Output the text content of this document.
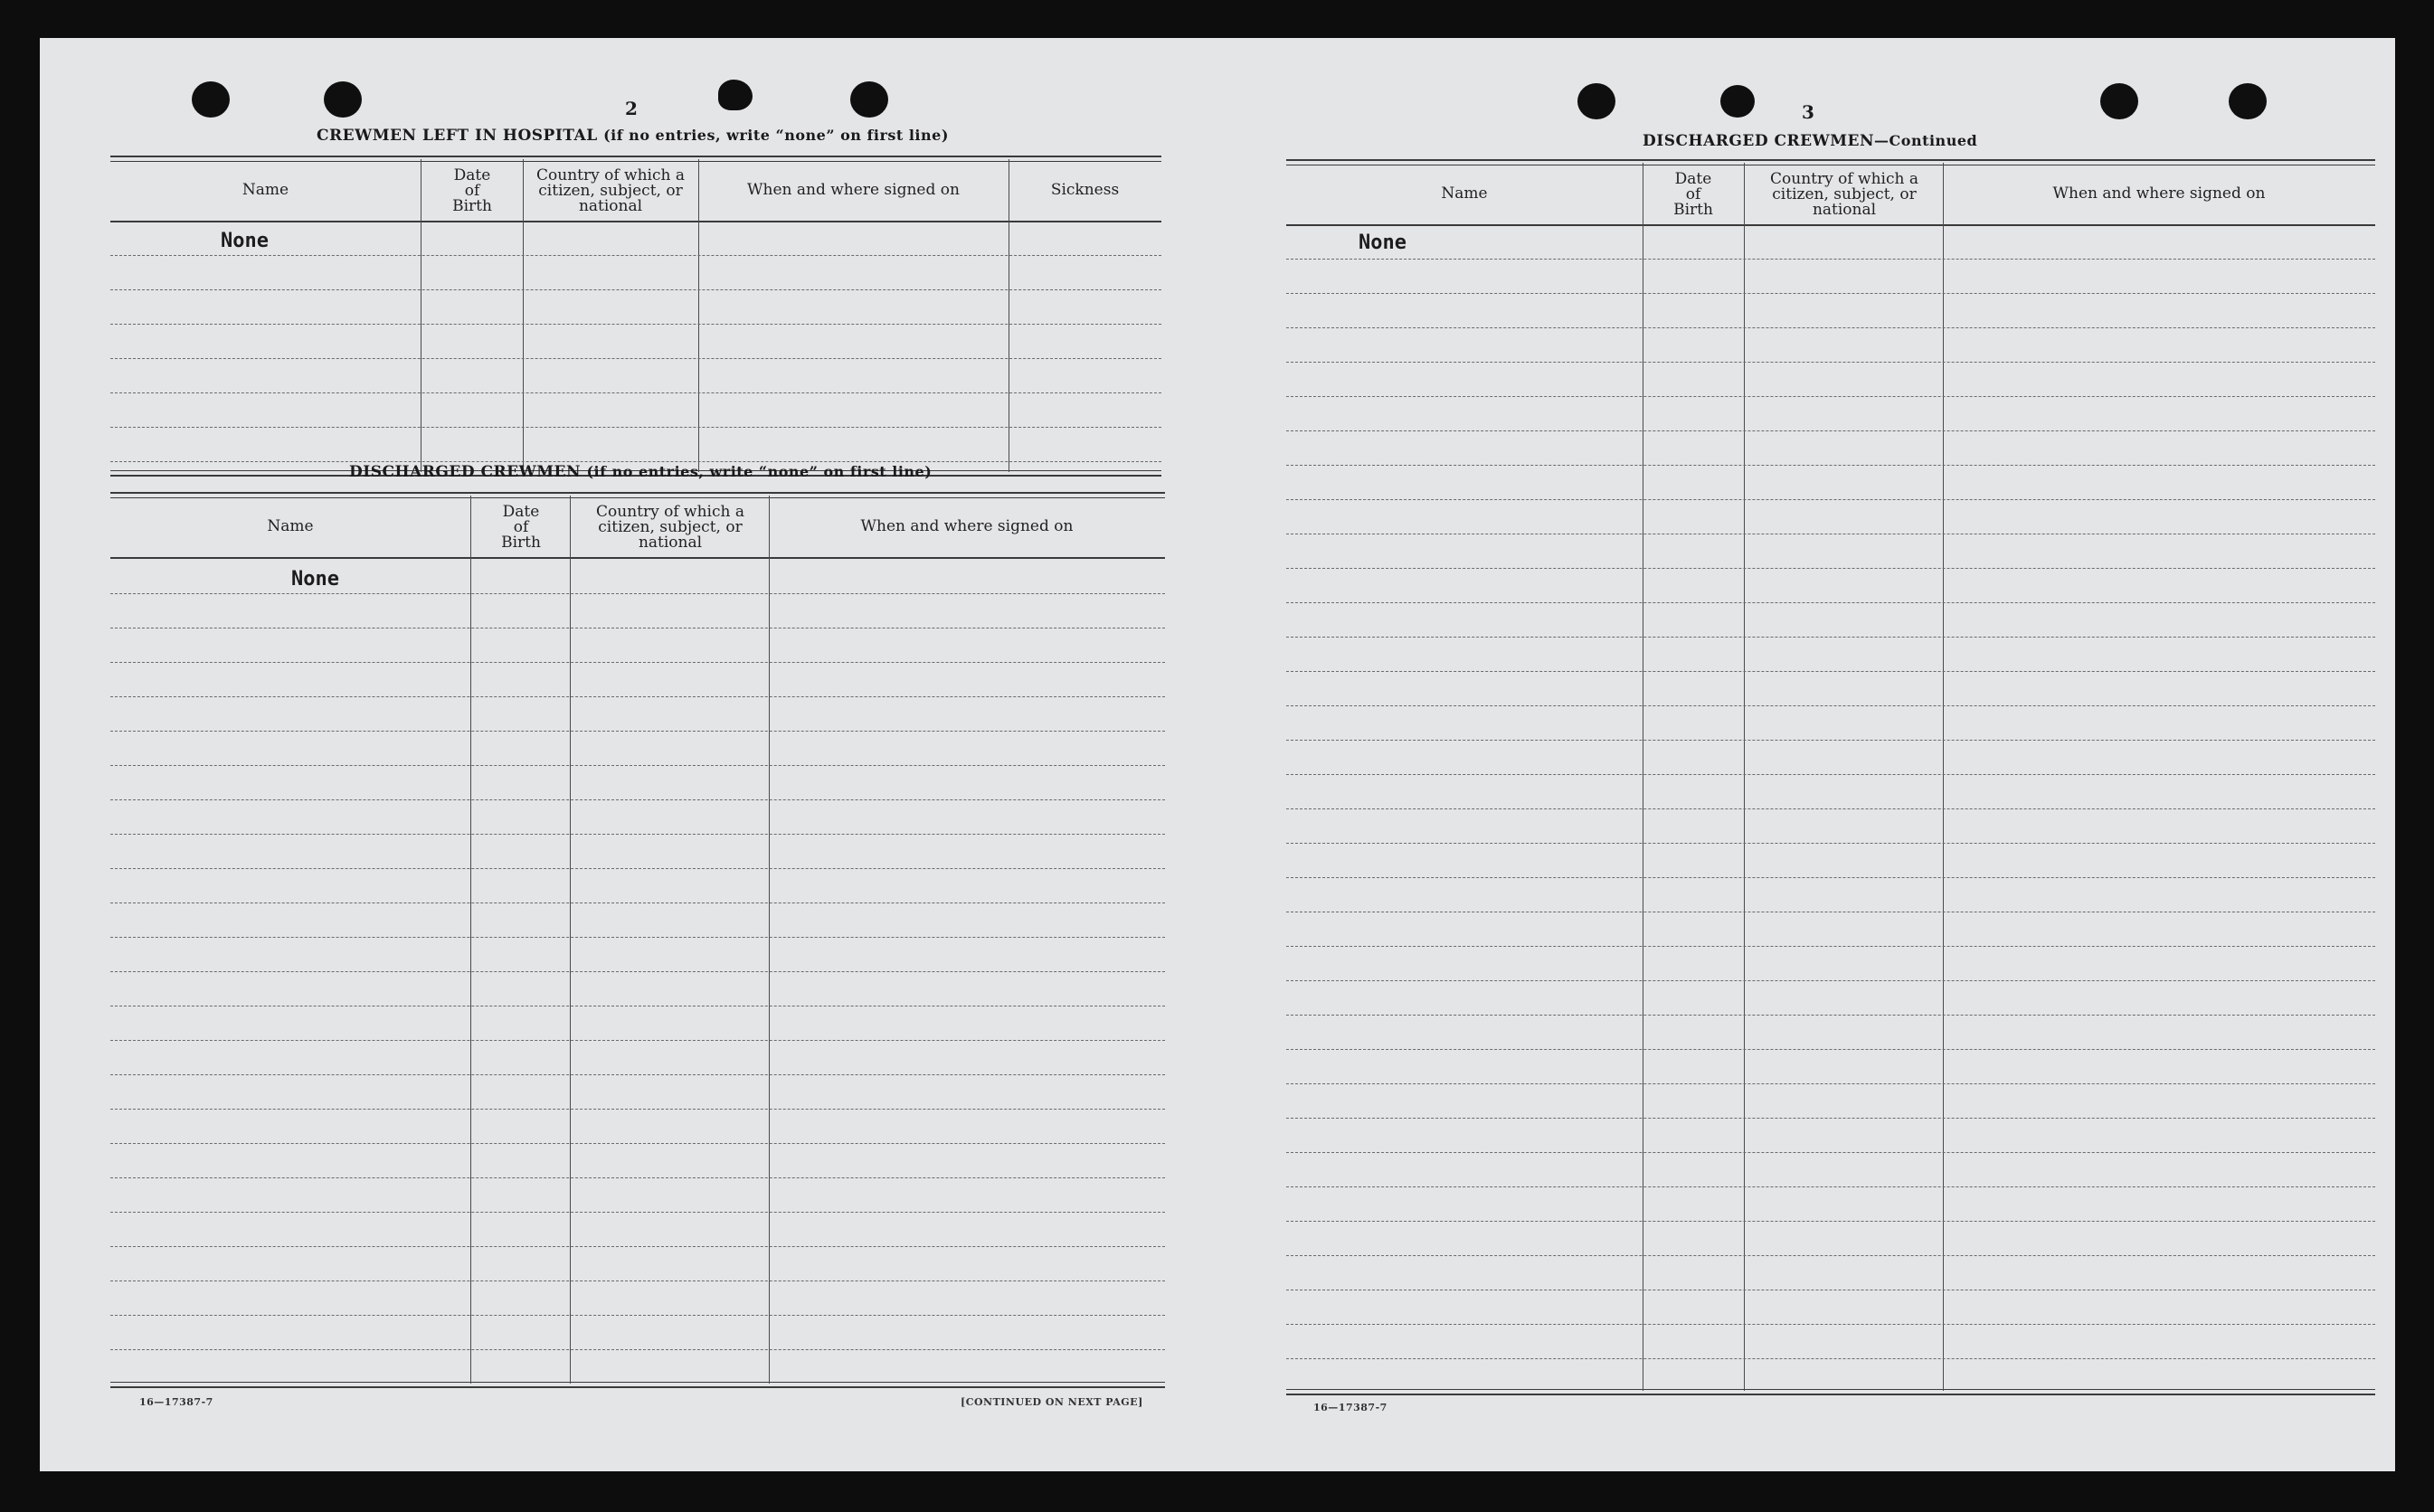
2
CREWMEN LEFT IN HOSPITAL (if no entries, write “none” on first line)
Name
Date of Birth
Country of which a citizen, subject, or national
When and where signed on	Sickness
None
DISCHARGED CREWMEN (if no entries, write “none” on first line)
Name
Date of Birth
Country of which a citizen, subject, or national
When and where signed on
None
16—17387-7	[CONTINUED ON NEXT PAGE]
3
DISCHARGED CREWMEN—Continued
Name
Date of Birth
Country of which a citizen, subject, or national
When and where signed on
None
16—17387-7
